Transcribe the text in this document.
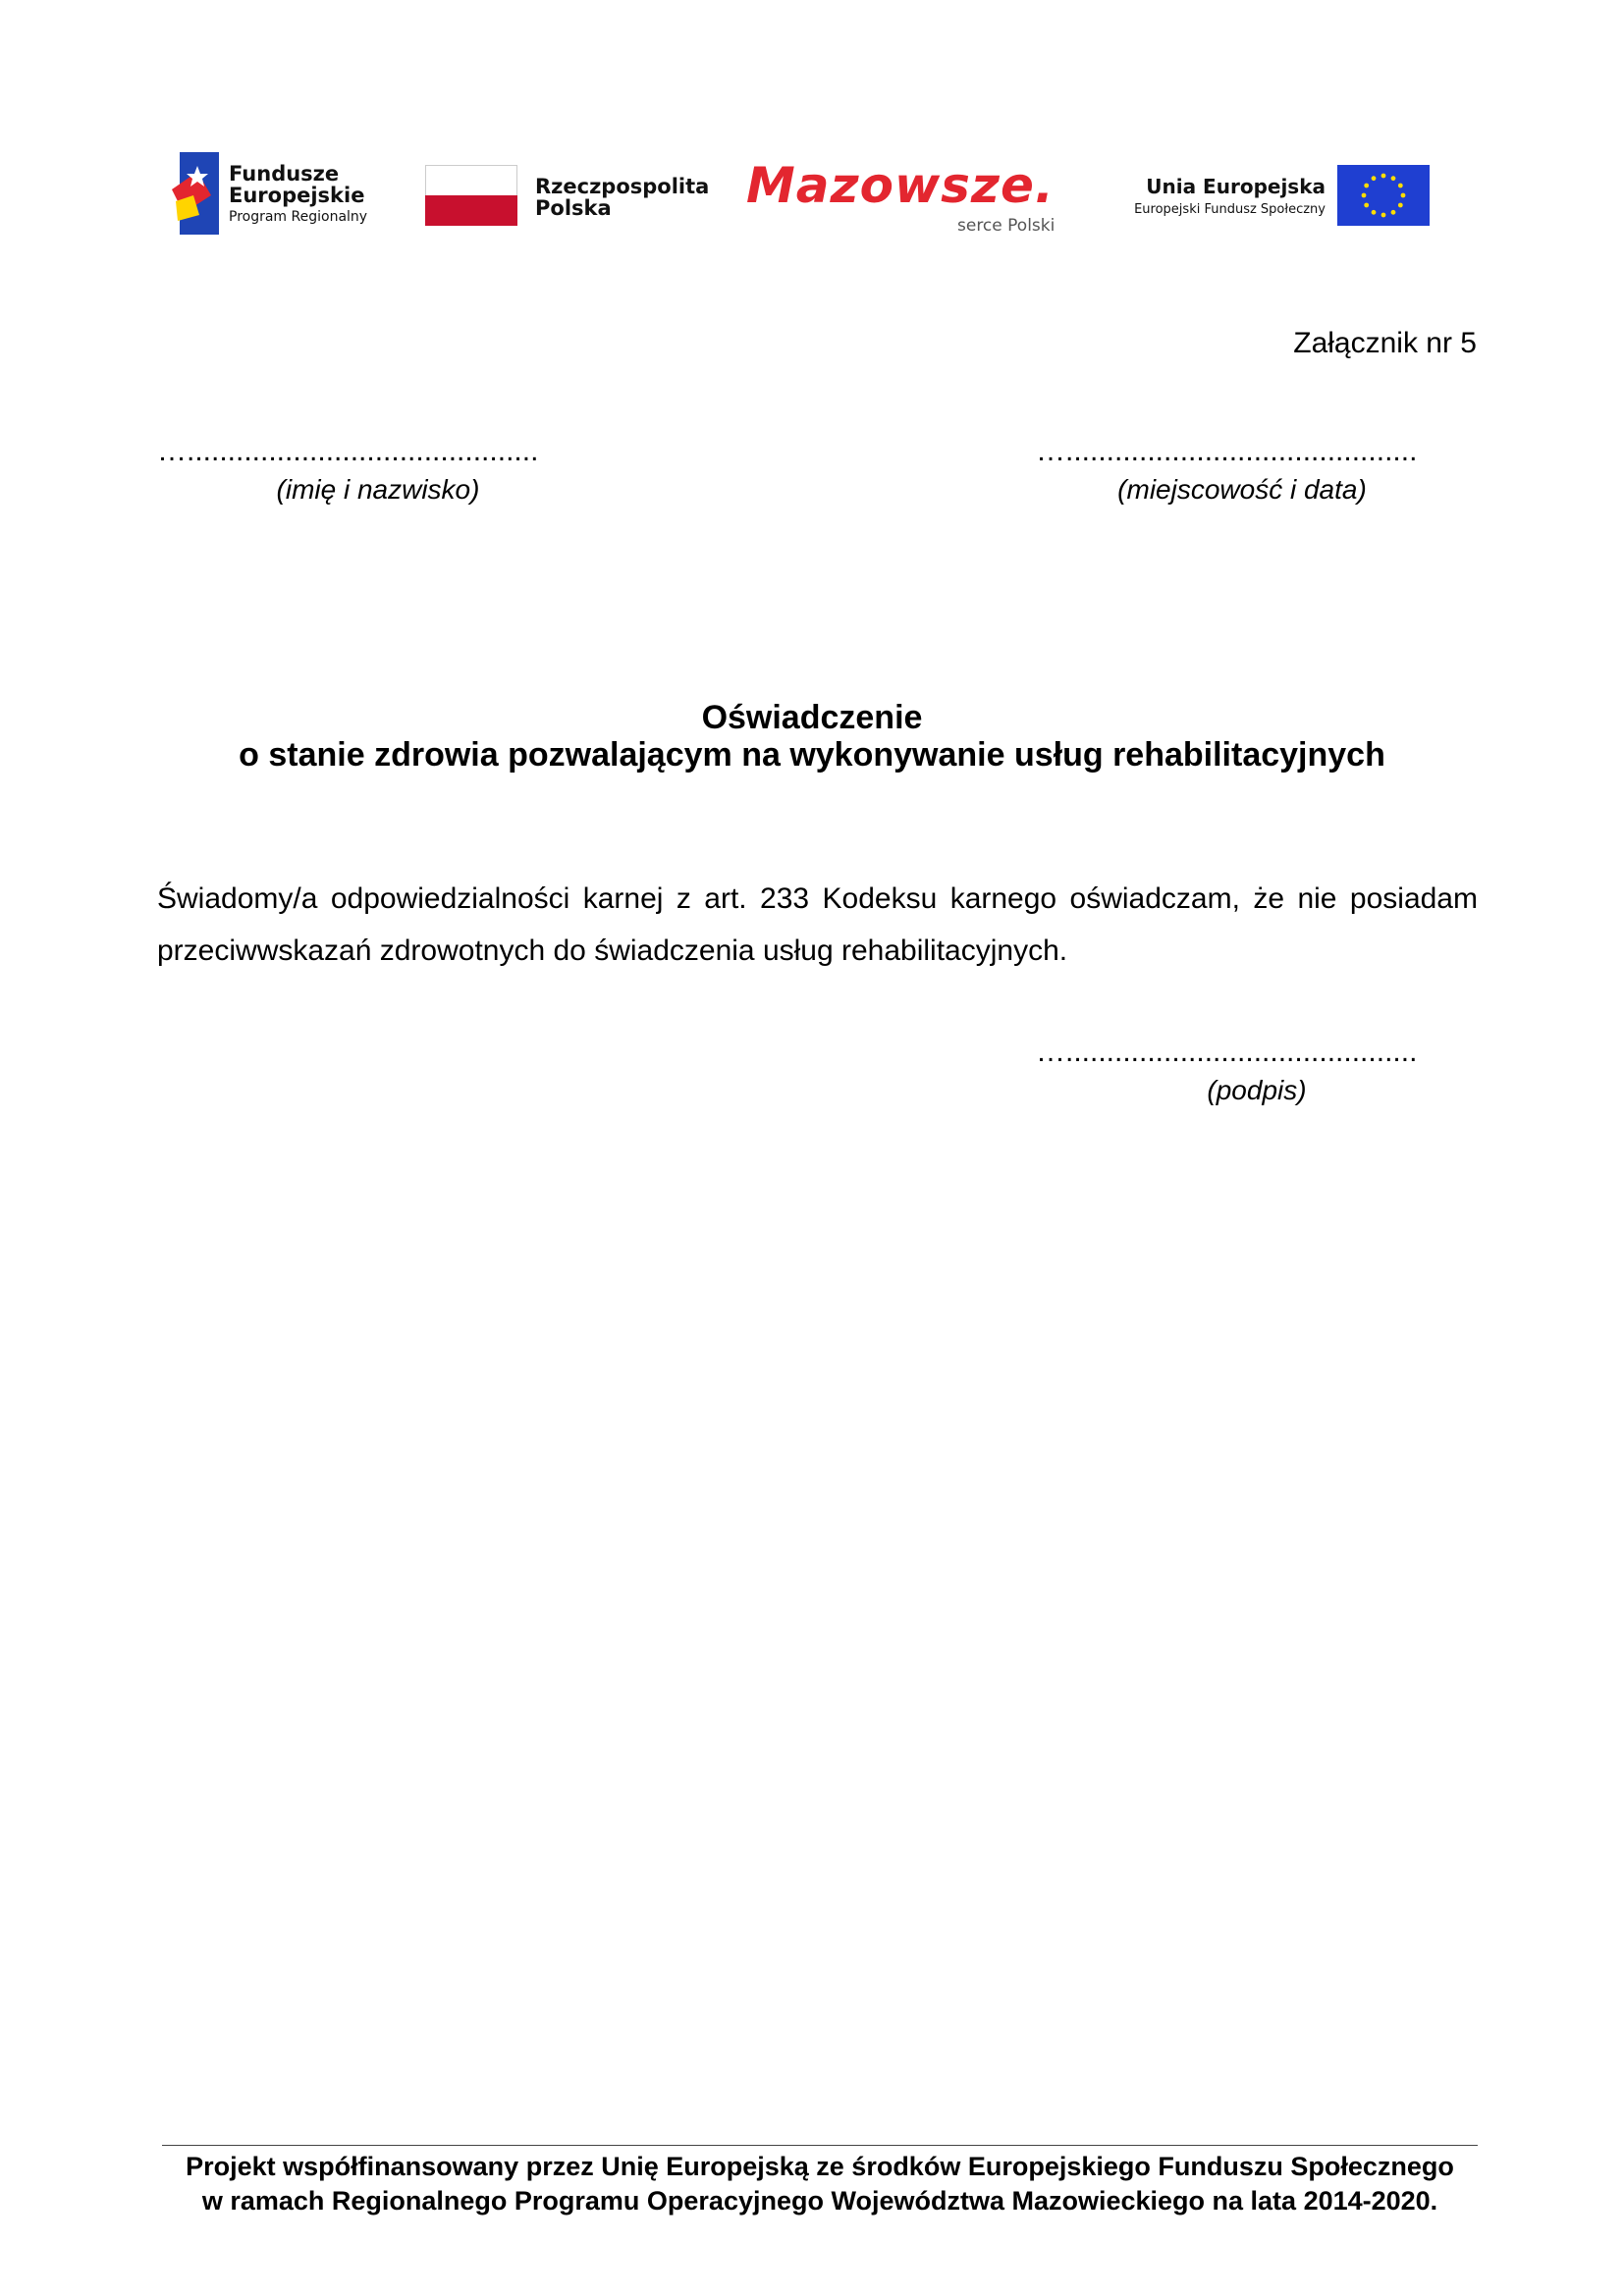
Fundusze
Europejskie
Program Regionalny
Rzeczpospolita
Polska	Mazowsze.
serce Polski
Unia Europejska
Europejski Fundusz Społeczny
Załącznik nr 5
…...........................................
(imię i nazwisko)
…...........................................
(miejscowość i data)
Oświadczenie
o stanie zdrowia pozwalającym na wykonywanie usług rehabilitacyjnych
Świadomy/a odpowiedzialności karnej z art. 233 Kodeksu karnego oświadczam, że nie posiadam przeciwwskazań zdrowotnych do świadczenia usług rehabilitacyjnych.
…...........................................
(podpis)
Projekt współfinansowany przez Unię Europejską ze środków Europejskiego Funduszu Społecznego
w ramach Regionalnego Programu Operacyjnego Województwa Mazowieckiego na lata 2014-2020.
